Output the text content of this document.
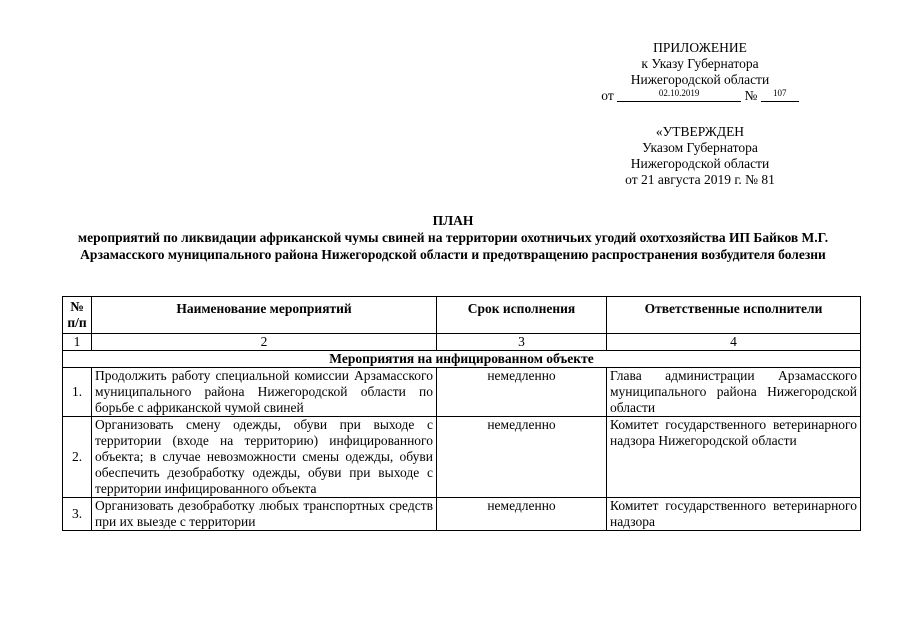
ПРИЛОЖЕНИЕ
к Указу Губернатора
Нижегородской области
от	$^{02.10.2019}$	№ $^{107}$
«УТВЕРЖДЕН
Указом Губернатора
Нижегородской области
от 21 августа 2019 г. № 81
ПЛАН
мероприятий по ликвидации африканской чумы свиней на территории охотничьих угодий охотхозяйства ИП Байков М.Г. Арзамасского муниципального района Нижегородской области и предотвращению распространения возбудителя болезни
№ п/п	Наименование мероприятий	Срок исполнения	Ответственные исполнители
1	2	3	4
Мероприятия на инфицированном объекте			
1.	Продолжить работу специальной комиссии Арзамасского муниципального района Нижегородской области по борьбе с африканской чумой свиней	немедленно	Глава администрации Арзамасского муниципального района Нижегородской области
2.	Организовать смену одежды, обуви при выходе с территории (входе на территорию) инфицированного объекта; в случае невозможности смены одежды, обуви обеспечить дезобработку одежды, обуви при выходе с территории инфицированного объекта	немедленно	Комитет государственного ветеринарного надзора Нижегородской области
3.	Организовать дезобработку любых транспортных средств при их выезде с территории	немедленно	Комитет государственного ветеринарного надзора
